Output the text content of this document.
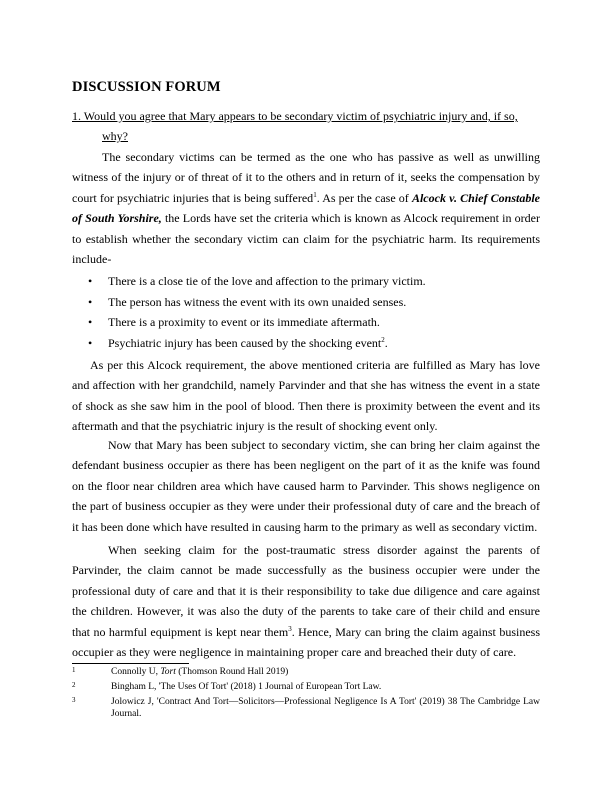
DISCUSSION FORUM
1. Would you agree that Mary appears to be secondary victim of psychiatric injury and, if so,
why?
The secondary victims can be termed as the one who has passive as well as unwilling witness of the injury or of threat of it to the others and in return of it, seeks the compensation by court for psychiatric injuries that is being suffered$^1$. As per the case of Alcock v. Chief Constable of South Yorshire, the Lords have set the criteria which is known as Alcock requirement in order to establish whether the secondary victim can claim for the psychiatric harm. Its requirements include-
• There is a close tie of the love and affection to the primary victim.
• The person has witness the event with its own unaided senses.
• There is a proximity to event or its immediate aftermath.
• Psychiatric injury has been caused by the shocking event$^2$.
As per this Alcock requirement, the above mentioned criteria are fulfilled as Mary has love and affection with her grandchild, namely Parvinder and that she has witness the event in a state of shock as she saw him in the pool of blood. Then there is proximity between the event and its aftermath and that the psychiatric injury is the result of shocking event only.
Now that Mary has been subject to secondary victim, she can bring her claim against the defendant business occupier as there has been negligent on the part of it as the knife was found on the floor near children area which have caused harm to Parvinder. This shows negligence on the part of business occupier as they were under their professional duty of care and the breach of it has been done which have resulted in causing harm to the primary as well as secondary victim.
When seeking claim for the post-traumatic stress disorder against the parents of Parvinder, the claim cannot be made successfully as the business occupier were under the professional duty of care and that it is their responsibility to take due diligence and care against the children. However, it was also the duty of the parents to take care of their child and ensure that no harmful equipment is kept near them$^3$. Hence, Mary can bring the claim against business occupier as they were negligence in maintaining proper care and breached their duty of care.
1	Connolly U, Tort (Thomson Round Hall 2019)
2	Bingham L, 'The Uses Of Tort' (2018) 1 Journal of European Tort Law.
3	Jolowicz J, 'Contract And Tort—Solicitors—Professional Negligence Is A Tort' (2019) 38 The Cambridge Law Journal.
